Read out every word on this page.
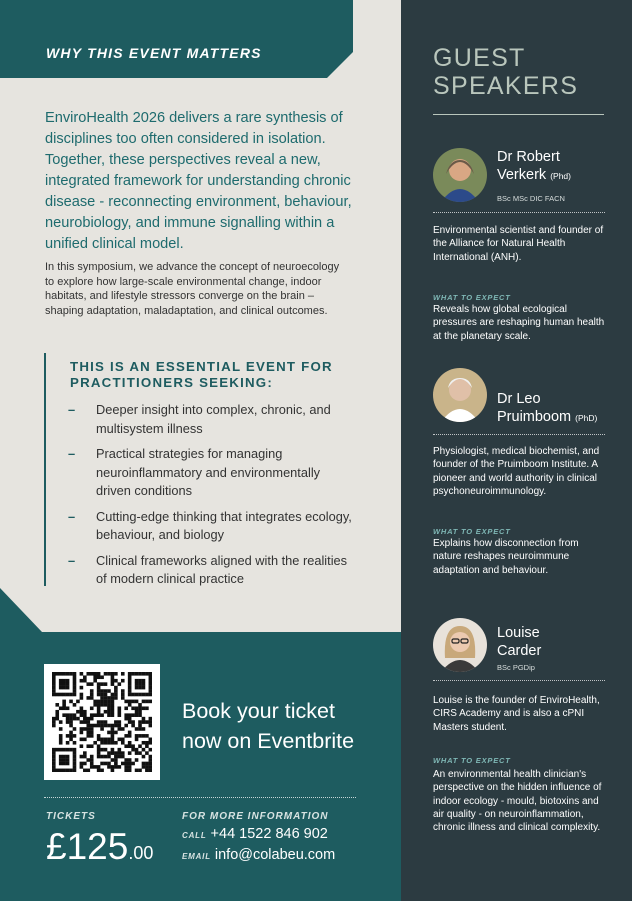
WHY THIS EVENT MATTERS
EnviroHealth 2026 delivers a rare synthesis of disciplines too often considered in isolation. Together, these perspectives reveal a new, integrated framework for understanding chronic disease - reconnecting environment, behaviour, neurobiology, and immune signalling within a unified clinical model.
In this symposium, we advance the concept of neuroecology to explore how large-scale environmental change, indoor habitats, and lifestyle stressors converge on the brain – shaping adaptation, maladaptation, and clinical outcomes.
THIS IS AN ESSENTIAL EVENT FOR PRACTITIONERS SEEKING:
– Deeper insight into complex, chronic, and multisystem illness
– Practical strategies for managing neuroinflammatory and environmentally driven conditions
– Cutting-edge thinking that integrates ecology, behaviour, and biology
– Clinical frameworks aligned with the realities of modern clinical practice
Book your ticket now on Eventbrite
TICKETS
£125.00
FOR MORE INFORMATION
CALL +44 1522 846 902
EMAIL info@colabeu.com
GUEST
SPEAKERS
Dr Robert
Verkerk (Phd)
BSc MSc DIC FACN
Environmental scientist and founder of the Alliance for Natural Health International (ANH).
WHAT TO EXPECT
Reveals how global ecological pressures are reshaping human health at the planetary scale.
Dr Leo
Pruimboom (PhD)
Physiologist, medical biochemist, and founder of the Pruimboom Institute. A pioneer and world authority in clinical psychoneuroimmunology.
WHAT TO EXPECT
Explains how disconnection from nature reshapes neuroimmune adaptation and behaviour.
Louise
Carder
BSc PGDip
Louise is the founder of EnviroHealth, CIRS Academy and is also a cPNI Masters student.
WHAT TO EXPECT
An environmental health clinician's perspective on the hidden influence of indoor ecology - mould, biotoxins and air quality - on neuroinflammation, chronic illness and clinical complexity.
